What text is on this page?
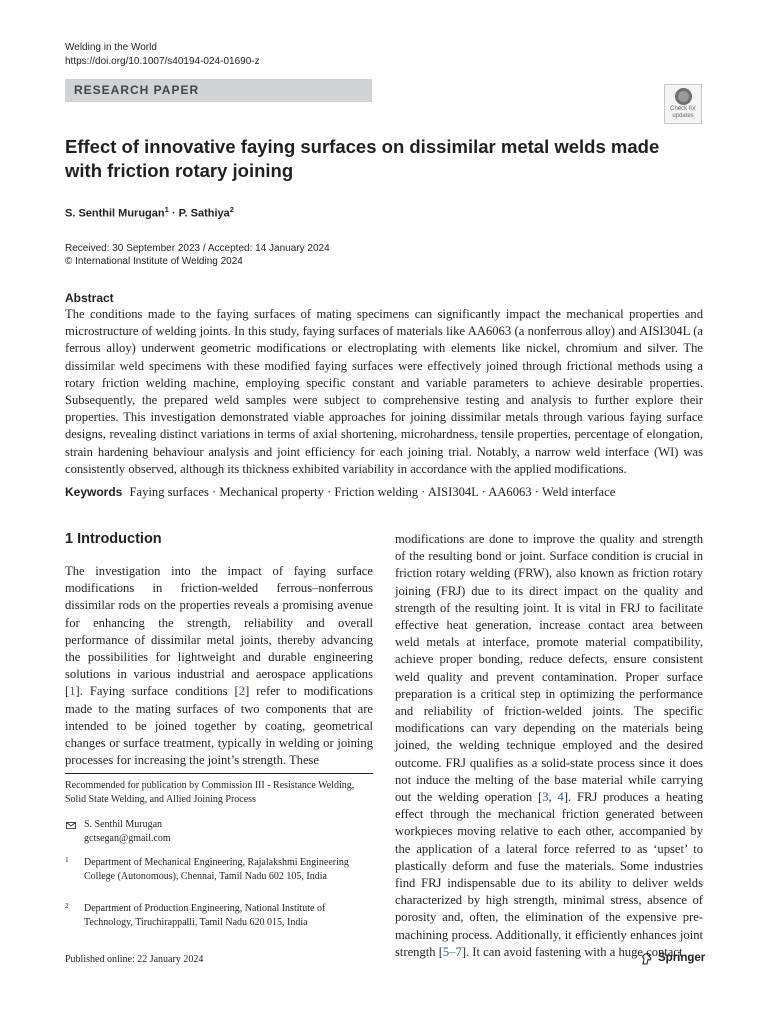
Welding in the World
https://doi.org/10.1007/s40194-024-01690-z
RESEARCH PAPER
Check for
updates
Effect of innovative faying surfaces on dissimilar metal welds made with friction rotary joining
S. Senthil Murugan$^1$ · P. Sathiya$^2$
Received: 30 September 2023 / Accepted: 14 January 2024
© International Institute of Welding 2024
Abstract
The conditions made to the faying surfaces of mating specimens can significantly impact the mechanical properties and microstructure of welding joints. In this study, faying surfaces of materials like AA6063 (a nonferrous alloy) and AISI304L (a ferrous alloy) underwent geometric modifications or electroplating with elements like nickel, chromium and silver. The dissimilar weld specimens with these modified faying surfaces were effectively joined through frictional methods using a rotary friction welding machine, employing specific constant and variable parameters to achieve desirable properties. Subsequently, the prepared weld samples were subject to comprehensive testing and analysis to further explore their properties. This investigation demonstrated viable approaches for joining dissimilar metals through various faying surface designs, revealing distinct variations in terms of axial shortening, microhardness, tensile properties, percentage of elongation, strain hardening behaviour analysis and joint efficiency for each joining trial. Notably, a narrow weld interface (WI) was consistently observed, although its thickness exhibited variability in accordance with the applied modifications.
Keywords Faying surfaces · Mechanical property · Friction welding · AISI304L · AA6063 · Weld interface
1 Introduction
The investigation into the impact of faying surface modifications in friction-welded ferrous–nonferrous dissimilar rods on the properties reveals a promising avenue for enhancing the strength, reliability and overall performance of dissimilar metal joints, thereby advancing the possibilities for lightweight and durable engineering solutions in various industrial and aerospace applications [1]. Faying surface conditions [2] refer to modifications made to the mating surfaces of two components that are intended to be joined together by coating, geometrical changes or surface treatment, typically in welding or joining processes for increasing the joint’s strength. These
modifications are done to improve the quality and strength of the resulting bond or joint. Surface condition is crucial in friction rotary welding (FRW), also known as friction rotary joining (FRJ) due to its direct impact on the quality and strength of the resulting joint. It is vital in FRJ to facilitate effective heat generation, increase contact area between weld metals at interface, promote material compatibility, achieve proper bonding, reduce defects, ensure consistent weld quality and prevent contamination. Proper surface preparation is a critical step in optimizing the performance and reliability of friction-welded joints. The specific modifications can vary depending on the materials being joined, the welding technique employed and the desired outcome. FRJ qualifies as a solid-state process since it does not induce the melting of the base material while carrying out the welding operation [3, 4]. FRJ produces a heating effect through the mechanical friction generated between workpieces moving relative to each other, accompanied by the application of a lateral force referred to as ‘upset’ to plastically deform and fuse the materials. Some industries find FRJ indispensable due to its ability to deliver welds characterized by high strength, minimal stress, absence of porosity and, often, the elimination of the expensive pre-machining process. Additionally, it efficiently enhances joint strength [5–7]. It can avoid fastening with a huge contact
Recommended for publication by Commission III - Resistance Welding, Solid State Welding, and Allied Joining Process
S. Senthil Murugan
gctsegan@gmail.com
1 Department of Mechanical Engineering, Rajalakshmi Engineering College (Autonomous), Chennai, Tamil Nadu 602 105, India
2 Department of Production Engineering, National Institute of Technology, Tiruchirappalli, Tamil Nadu 620 015, India
Published online: 22 January 2024	Springer
